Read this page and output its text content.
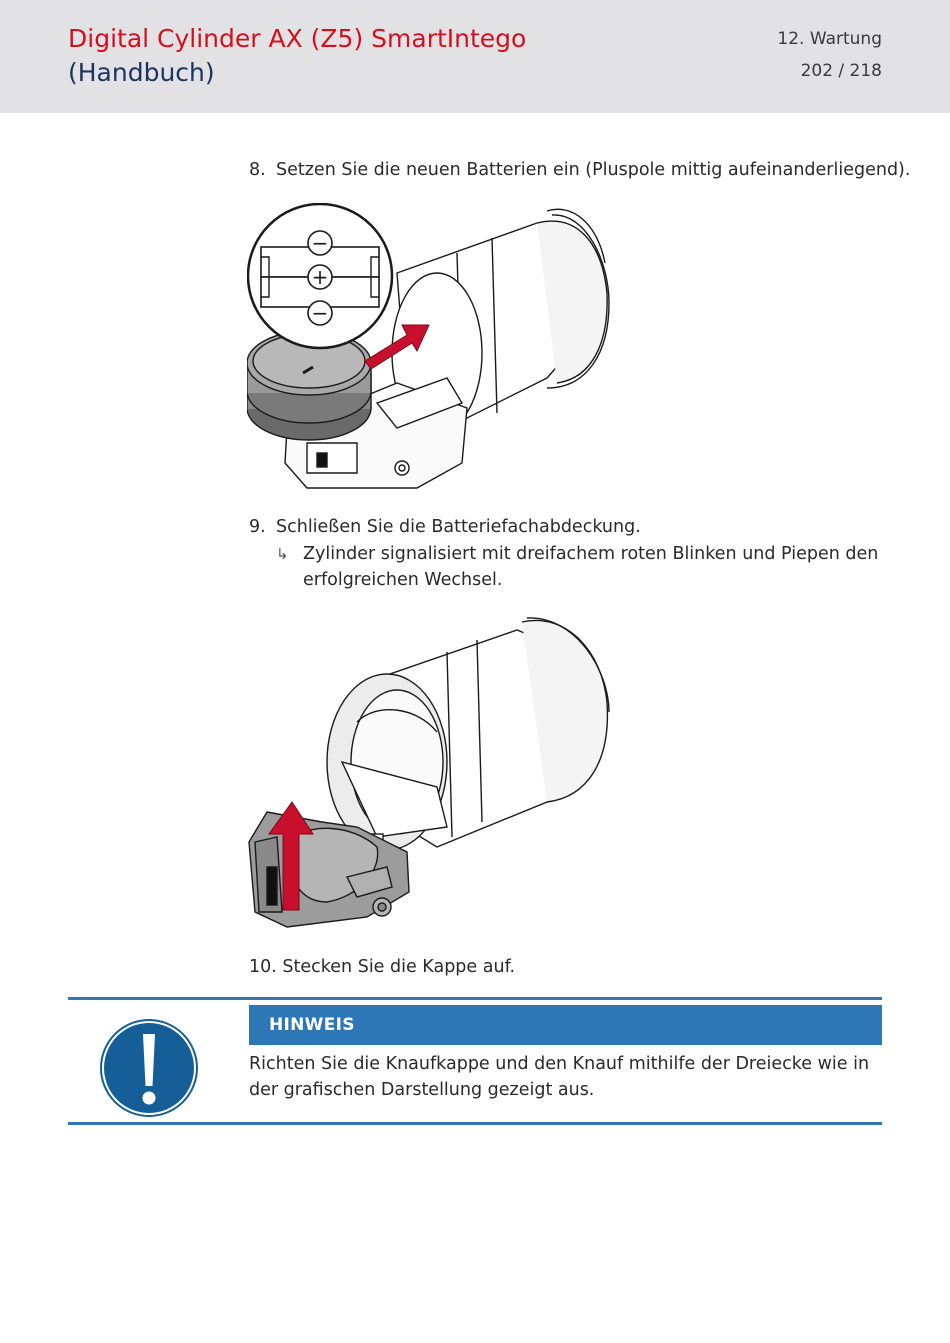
Digital Cylinder AX (Z5) SmartIntego
(Handbuch)
12. Wartung
202 / 218
8. Setzen Sie die neuen Batterien ein (Pluspole mittig aufeinanderliegend).
−
+
−
9. Schließen Sie die Batteriefachabdeckung.
↳ Zylinder signalisiert mit dreifachem roten Blinken und Piepen den erfolgreichen Wechsel.
10. Stecken Sie die Kappe auf.
HINWEIS
Richten Sie die Knaufkappe und den Knauf mithilfe der Dreiecke wie in der grafischen Darstellung gezeigt aus.
